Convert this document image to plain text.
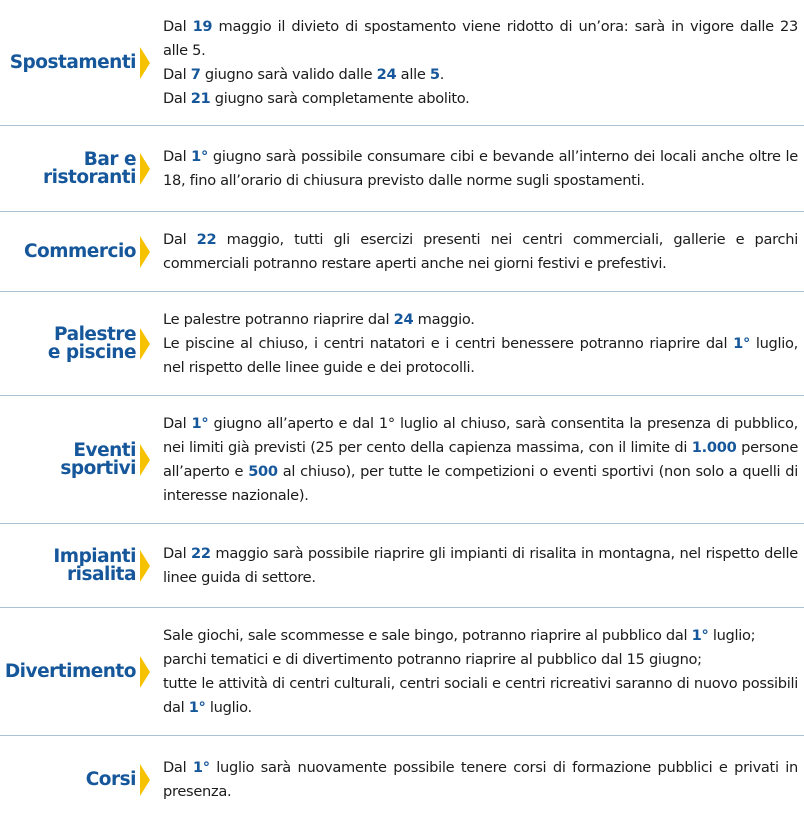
Spostamenti

Dal 19 maggio il divieto di spostamento viene ridotto di un’ora: sarà in vigore dalle 23 alle 5.

Dal 7 giugno sarà valido dalle 24 alle 5.

Dal 21 giugno sarà completamente abolito.

Bar e
ristoranti

Dal 1° giugno sarà possibile consumare cibi e bevande all’interno dei locali anche oltre le 18, fino all’orario di chiusura previsto dalle norme sugli spostamenti.

Commercio

Dal 22 maggio, tutti gli esercizi presenti nei centri commerciali, gallerie e parchi commerciali potranno restare aperti anche nei giorni festivi e prefestivi.

Palestre
e piscine

Le palestre potranno riaprire dal 24 maggio.

Le piscine al chiuso, i centri natatori e i centri benessere potranno riaprire dal 1° luglio, nel rispetto delle linee guide e dei protocolli.

Eventi
sportivi

Dal 1° giugno all’aperto e dal 1° luglio al chiuso, sarà consentita la presenza di pubblico, nei limiti già previsti (25 per cento della capienza massima, con il limite di 1.000 persone all’aperto e 500 al chiuso), per tutte le competizioni o eventi sportivi (non solo a quelli di interesse nazionale).

Impianti
risalita

Dal 22 maggio sarà possibile riaprire gli impianti di risalita in montagna, nel rispetto delle linee guida di settore.

Divertimento

Sale giochi, sale scommesse e sale bingo, potranno riaprire al pubblico dal 1° luglio;

parchi tematici e di divertimento potranno riaprire al pubblico dal 15 giugno;

tutte le attività di centri culturali, centri sociali e centri ricreativi saranno di nuovo possibili dal 1° luglio.

Corsi

Dal 1° luglio sarà nuovamente possibile tenere corsi di formazione pubblici e privati in presenza.
